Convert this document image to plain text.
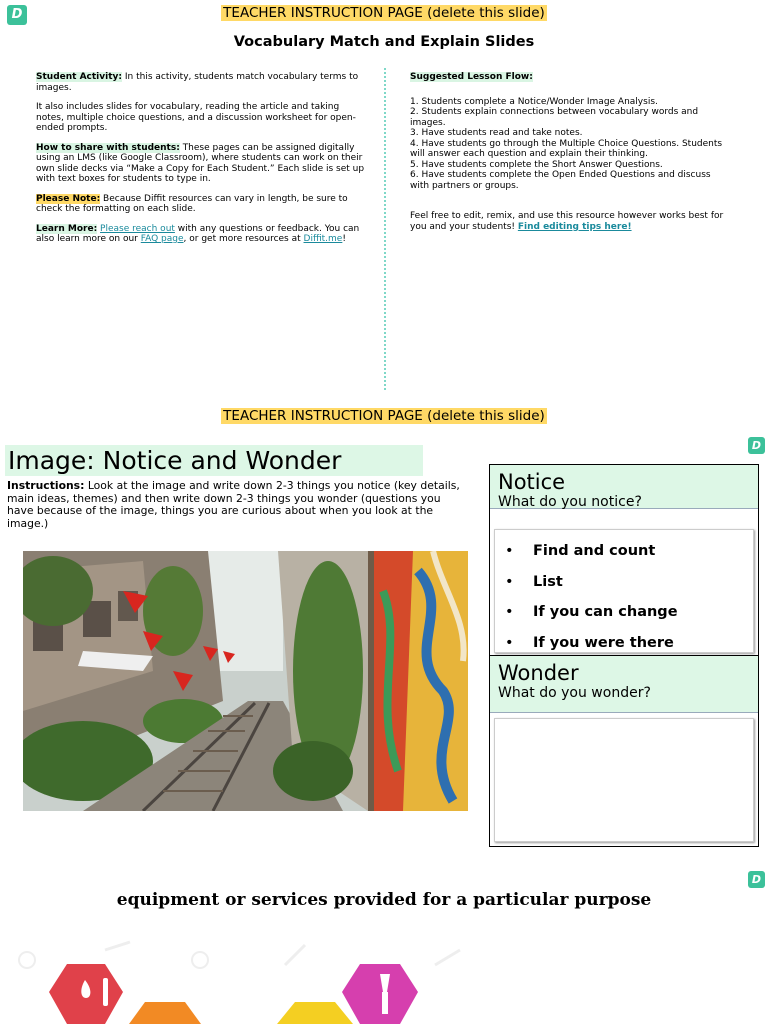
D	TEACHER INSTRUCTION PAGE (delete this slide)
Vocabulary Match and Explain Slides

Student Activity: In this activity, students match vocabulary terms to images.

It also includes slides for vocabulary, reading the article and taking notes, multiple choice questions, and a discussion worksheet for open-ended prompts.

How to share with students: These pages can be assigned digitally using an LMS (like Google Classroom), where students can work on their own slide decks via “Make a Copy for Each Student.” Each slide is set up with text boxes for students to type in.

Please Note: Because Diffit resources can vary in length, be sure to check the formatting on each slide.

Learn More: Please reach out with any questions or feedback. You can also learn more on our FAQ page, or get more resources at Diffit.me!

Suggested Lesson Flow:

1. Students complete a Notice/Wonder Image Analysis.
2. Students explain connections between vocabulary words and images.
3. Have students read and take notes.
4. Have students go through the Multiple Choice Questions. Students will answer each question and explain their thinking.
5. Have students complete the Short Answer Questions.
6. Have students complete the Open Ended Questions and discuss with partners or groups.

Feel free to edit, remix, and use this resource however works best for you and your students! Find editing tips here!

TEACHER INSTRUCTION PAGE (delete this slide)
D
Image: Notice and Wonder
Instructions: Look at the image and write down 2-3 things you notice (key details, main ideas, themes) and then write down 2-3 things you wonder (questions you have because of the image, things you are curious about when you look at the image.)
Notice
What do you notice?
• Find and count
• List
• If you can change
• If you were there
Wonder
What do you wonder?
D
equipment or services provided for a particular purpose
